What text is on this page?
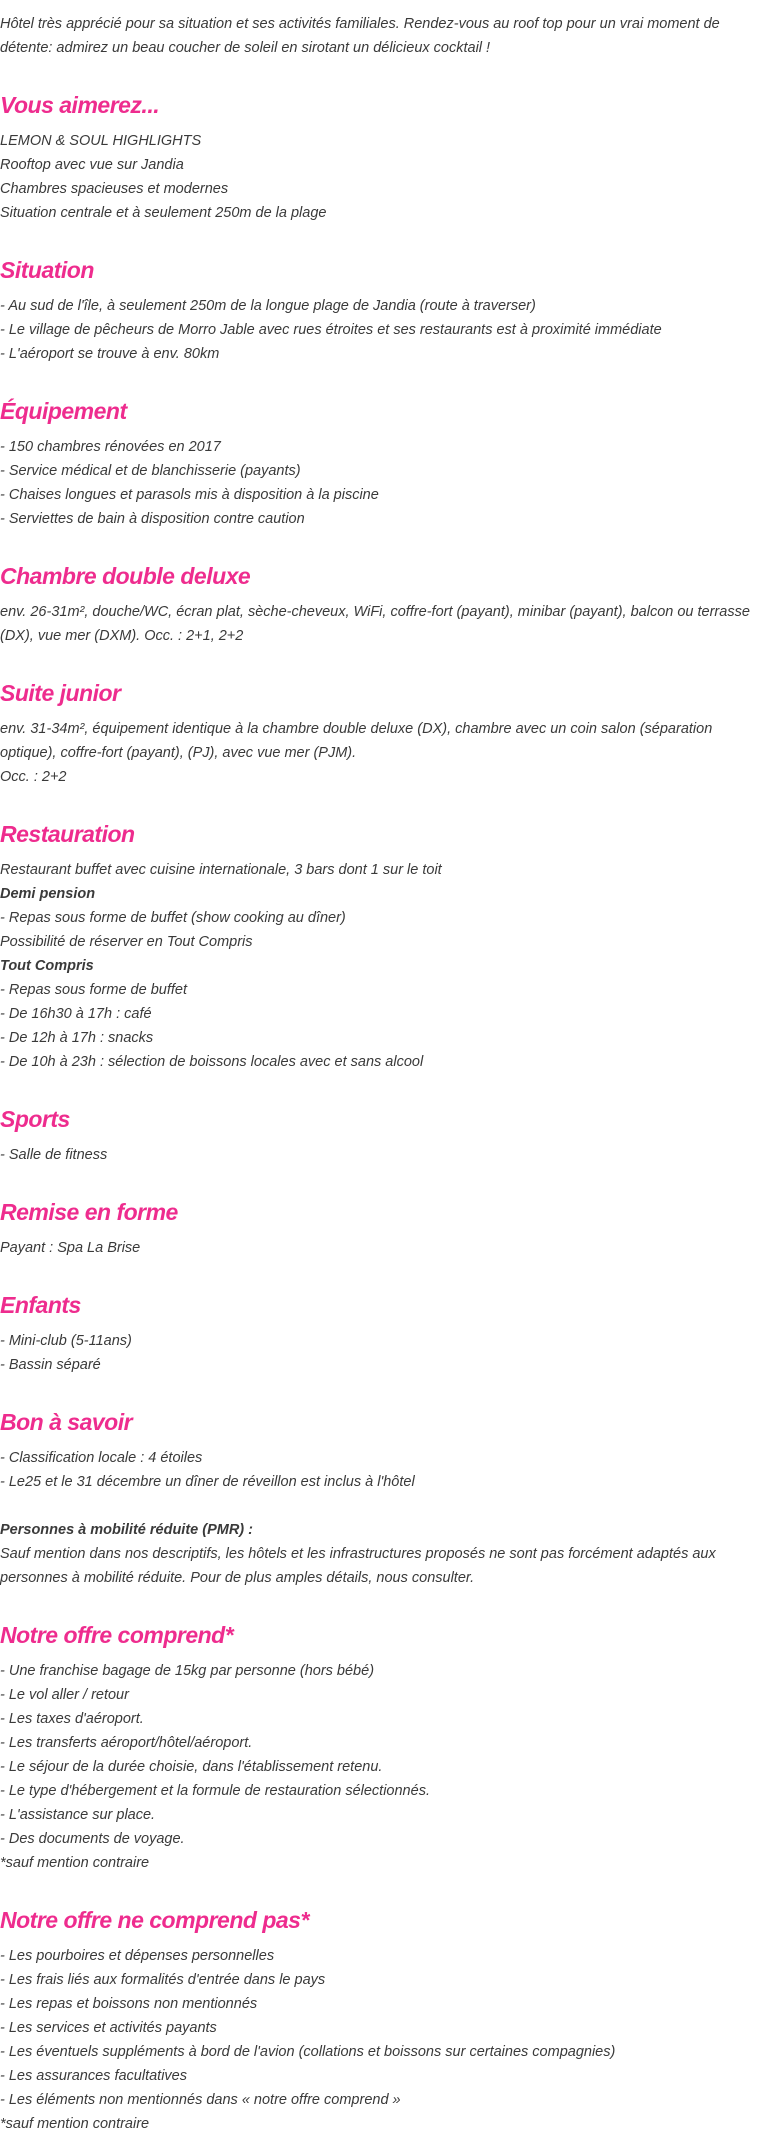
Hôtel très apprécié pour sa situation et ses activités familiales. Rendez-vous au roof top pour un vrai moment de détente: admirez un beau coucher de soleil en sirotant un délicieux cocktail !

Vous aimerez...
LEMON & SOUL HIGHLIGHTS
Rooftop avec vue sur Jandia
Chambres spacieuses et modernes
Situation centrale et à seulement 250m de la plage
Situation
- Au sud de l'île, à seulement 250m de la longue plage de Jandia (route à traverser)
- Le village de pêcheurs de Morro Jable avec rues étroites et ses restaurants est à proximité immédiate
- L'aéroport se trouve à env. 80km
Équipement
- 150 chambres rénovées en 2017
- Service médical et de blanchisserie (payants)
- Chaises longues et parasols mis à disposition à la piscine
- Serviettes de bain à disposition contre caution
Chambre double deluxe

env. 26-31m², douche/WC, écran plat, sèche-cheveux, WiFi, coffre-fort (payant), minibar (payant), balcon ou terrasse (DX), vue mer (DXM). Occ. : 2+1, 2+2

Suite junior

env. 31-34m², équipement identique à la chambre double deluxe (DX), chambre avec un coin salon (séparation optique), coffre-fort (payant), (PJ), avec vue mer (PJM).

Occ. : 2+2
Restauration
Restaurant buffet avec cuisine internationale, 3 bars dont 1 sur le toit
Demi pension
- Repas sous forme de buffet (show cooking au dîner)
Possibilité de réserver en Tout Compris
Tout Compris
- Repas sous forme de buffet
- De 16h30 à 17h : café
- De 12h à 17h : snacks
- De 10h à 23h : sélection de boissons locales avec et sans alcool
Sports
- Salle de fitness
Remise en forme
Payant : Spa La Brise
Enfants
- Mini-club (5-11ans)
- Bassin séparé
Bon à savoir
- Classification locale : 4 étoiles
- Le25 et le 31 décembre un dîner de réveillon est inclus à l'hôtel
Personnes à mobilité réduite (PMR) :

Sauf mention dans nos descriptifs, les hôtels et les infrastructures proposés ne sont pas forcément adaptés aux personnes à mobilité réduite. Pour de plus amples détails, nous consulter.

Notre offre comprend*
- Une franchise bagage de 15kg par personne (hors bébé)
- Le vol aller / retour
- Les taxes d'aéroport.
- Les transferts aéroport/hôtel/aéroport.
- Le séjour de la durée choisie, dans l'établissement retenu.
- Le type d'hébergement et la formule de restauration sélectionnés.
- L'assistance sur place.
- Des documents de voyage.
*sauf mention contraire
Notre offre ne comprend pas*
- Les pourboires et dépenses personnelles
- Les frais liés aux formalités d'entrée dans le pays
- Les repas et boissons non mentionnés
- Les services et activités payants
- Les éventuels suppléments à bord de l'avion (collations et boissons sur certaines compagnies)
- Les assurances facultatives
- Les éléments non mentionnés dans « notre offre comprend »
*sauf mention contraire
